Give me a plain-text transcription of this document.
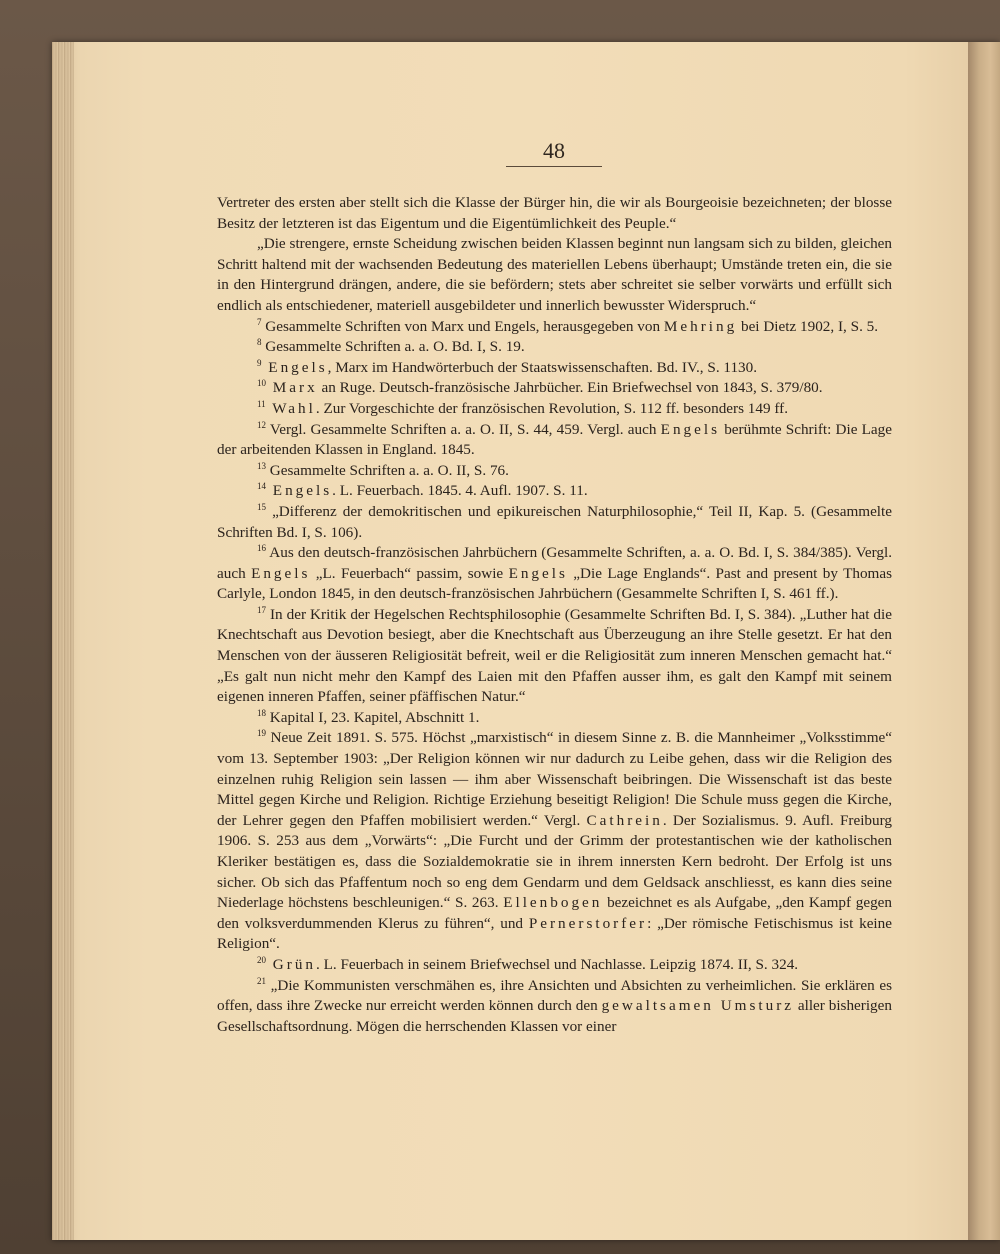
48

Vertreter des ersten aber stellt sich die Klasse der Bürger hin, die wir als Bourgeoisie bezeichneten; der blosse Besitz der letzteren ist das Eigentum und die Eigentümlichkeit des Peuple.“

„Die strengere, ernste Scheidung zwischen beiden Klassen beginnt nun langsam sich zu bilden, gleichen Schritt haltend mit der wachsenden Bedeutung des materiellen Lebens überhaupt; Umstände treten ein, die sie in den Hintergrund drängen, andere, die sie befördern; stets aber schreitet sie selber vorwärts und erfüllt sich endlich als entschiedener, materiell ausgebildeter und innerlich bewusster Widerspruch.“

$^7$ Gesammelte Schriften von Marx und Engels, herausgegeben von Mehring bei Dietz 1902, I, S. 5.

$^8$ Gesammelte Schriften a. a. O. Bd. I, S. 19.

$^9$ Engels, Marx im Handwörterbuch der Staatswissenschaften. Bd. IV., S. 1130.

$^{10}$ Marx an Ruge. Deutsch-französische Jahrbücher. Ein Briefwechsel von 1843, S. 379/80.

$^{11}$ Wahl. Zur Vorgeschichte der französischen Revolution, S. 112 ff. besonders 149 ff.

$^{12}$ Vergl. Gesammelte Schriften a. a. O. II, S. 44, 459. Vergl. auch Engels berühmte Schrift: Die Lage der arbeitenden Klassen in England. 1845.

$^{13}$ Gesammelte Schriften a. a. O. II, S. 76.

$^{14}$ Engels. L. Feuerbach. 1845. 4. Aufl. 1907. S. 11.

$^{15}$ „Differenz der demokritischen und epikureischen Naturphilosophie,“ Teil II, Kap. 5. (Gesammelte Schriften Bd. I, S. 106).

$^{16}$ Aus den deutsch-französischen Jahrbüchern (Gesammelte Schriften, a. a. O. Bd. I, S. 384/385). Vergl. auch Engels „L. Feuerbach“ passim, sowie Engels „Die Lage Englands“. Past and present by Thomas Carlyle, London 1845, in den deutsch-französischen Jahrbüchern (Gesammelte Schriften I, S. 461 ff.).

$^{17}$ In der Kritik der Hegelschen Rechtsphilosophie (Gesammelte Schriften Bd. I, S. 384). „Luther hat die Knechtschaft aus Devotion besiegt, aber die Knechtschaft aus Überzeugung an ihre Stelle gesetzt. Er hat den Menschen von der äusseren Religiosität befreit, weil er die Religiosität zum inneren Menschen gemacht hat.“ „Es galt nun nicht mehr den Kampf des Laien mit den Pfaffen ausser ihm, es galt den Kampf mit seinem eigenen inneren Pfaffen, seiner pfäffischen Natur.“

$^{18}$ Kapital I, 23. Kapitel, Abschnitt 1.

$^{19}$ Neue Zeit 1891. S. 575. Höchst „marxistisch“ in diesem Sinne z. B. die Mannheimer „Volksstimme“ vom 13. September 1903: „Der Religion können wir nur dadurch zu Leibe gehen, dass wir die Religion des einzelnen ruhig Religion sein lassen — ihm aber Wissenschaft beibringen. Die Wissenschaft ist das beste Mittel gegen Kirche und Religion. Richtige Erziehung beseitigt Religion! Die Schule muss gegen die Kirche, der Lehrer gegen den Pfaffen mobilisiert werden.“ Vergl. Cathrein. Der Sozialismus. 9. Aufl. Freiburg 1906. S. 253 aus dem „Vorwärts“: „Die Furcht und der Grimm der protestantischen wie der katholischen Kleriker bestätigen es, dass die Sozialdemokratie sie in ihrem innersten Kern bedroht. Der Erfolg ist uns sicher. Ob sich das Pfaffentum noch so eng dem Gendarm und dem Geldsack anschliesst, es kann dies seine Niederlage höchstens beschleunigen.“ S. 263. Ellenbogen bezeichnet es als Aufgabe, „den Kampf gegen den volksverdummenden Klerus zu führen“, und Pernerstorfer: „Der römische Fetischismus ist keine Religion“.

$^{20}$ Grün. L. Feuerbach in seinem Briefwechsel und Nachlasse. Leipzig 1874. II, S. 324.

$^{21}$ „Die Kommunisten verschmähen es, ihre Ansichten und Absichten zu verheimlichen. Sie erklären es offen, dass ihre Zwecke nur erreicht werden können durch den gewaltsamen Umsturz aller bisherigen Gesellschaftsordnung. Mögen die herrschenden Klassen vor einer
